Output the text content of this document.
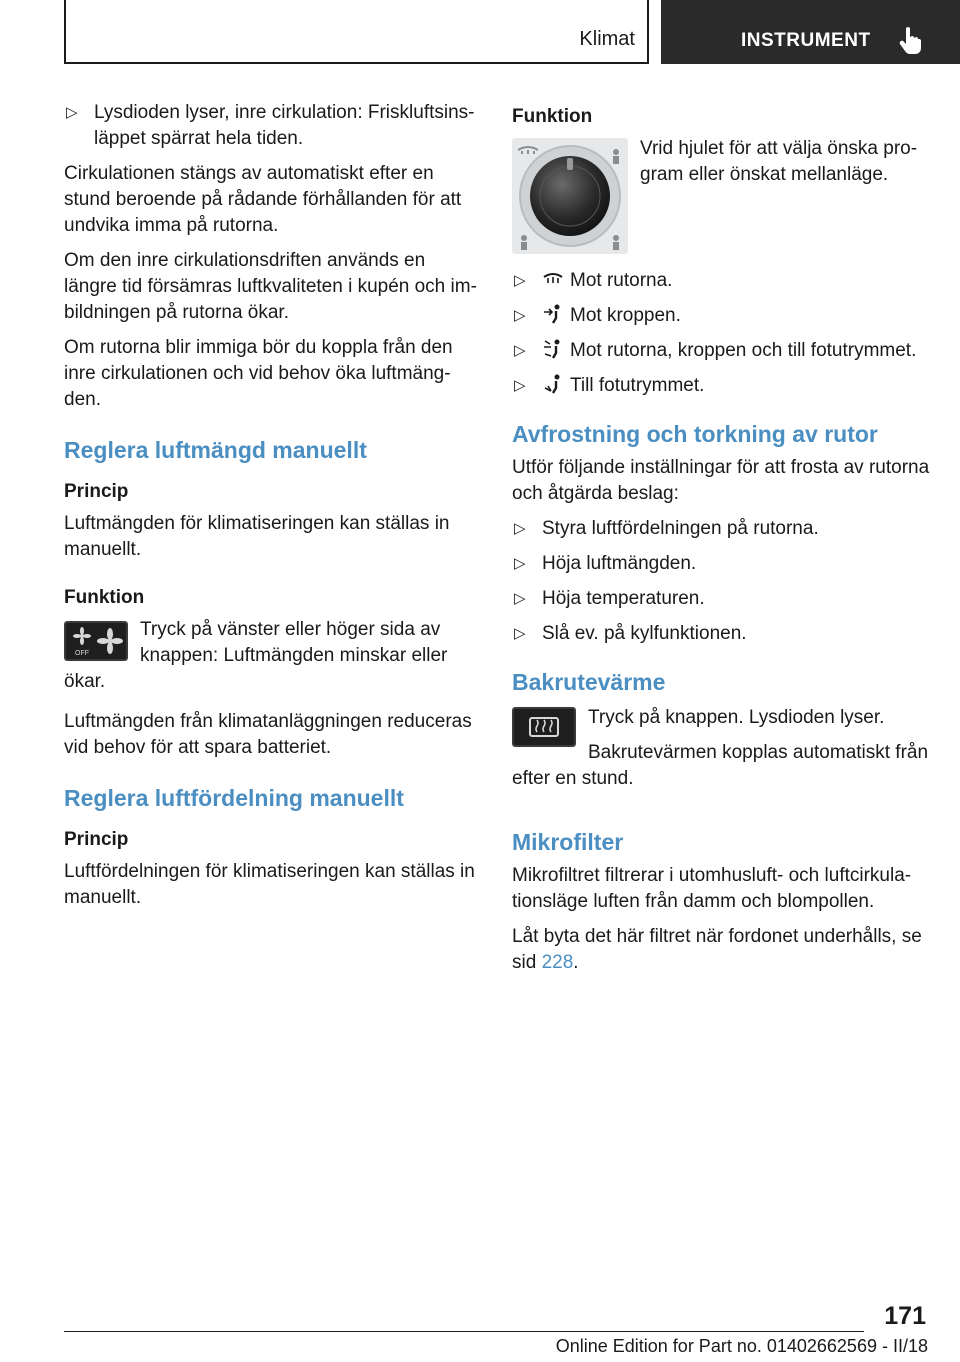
Klimat	INSTRUMENT
▷ Lysdioden lyser, inre cirkulation: Friskluftsinsläppet spärrat hela tiden.

Cirkulationen stängs av automatiskt efter en stund beroende på rådande förhållanden för att undvika imma på rutorna.

Om den inre cirkulationsdriften används en längre tid försämras luftkvaliteten i kupén och imbildningen på rutorna ökar.

Om rutorna blir immiga bör du koppla från den inre cirkulationen och vid behov öka luftmängden.

Reglera luftmängd manuellt
Princip

Luftmängden för klimatiseringen kan ställas in manuellt.

Funktion
OFF
Tryck på vänster eller höger sida av knappen: Luftmängden minskar eller ökar.

Luftmängden från klimatanläggningen reduceras vid behov för att spara batteriet.

Reglera luftfördelning manuellt
Princip

Luftfördelningen för klimatiseringen kan ställas in manuellt.

Funktion
Vrid hjulet för att välja önska program eller önskat mellanläge.
▷ Mot rutorna.
▷ Mot kroppen.
▷ Mot rutorna, kroppen och till fotutrymmet.
▷ Till fotutrymmet.
Avfrostning och torkning av rutor

Utför följande inställningar för att frosta av rutorna och åtgärda beslag:

▷ Styra luftfördelningen på rutorna.
▷ Höja luftmängden.
▷ Höja temperaturen.
▷ Slå ev. på kylfunktionen.
Bakrutevärme

Tryck på knappen. Lysdioden lyser.

Bakrutevärmen kopplas automatiskt från efter en stund.

Mikrofilter

Mikrofiltret filtrerar i utomhusluft- och luftcirkulationsläge luften från damm och blompollen.

Låt byta det här filtret när fordonet underhålls, se sid 228.

171
Online Edition for Part no. 01402662569 - II/18
